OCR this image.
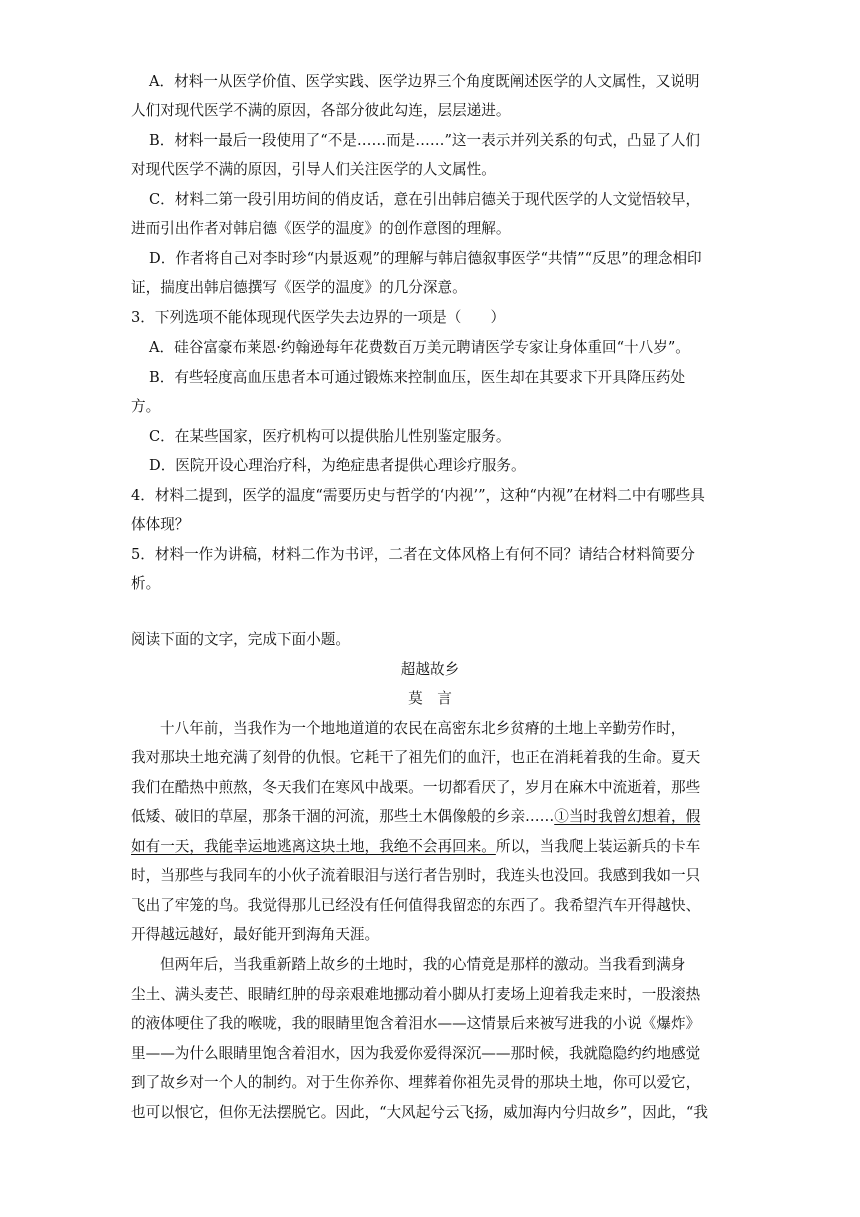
A．材料一从医学价值、医学实践、医学边界三个角度既阐述医学的人文属性，又说明
人们对现代医学不满的原因，各部分彼此勾连，层层递进。
B．材料一最后一段使用了“不是……而是……”这一表示并列关系的句式，凸显了人们
对现代医学不满的原因，引导人们关注医学的人文属性。
C．材料二第一段引用坊间的俏皮话，意在引出韩启德关于现代医学的人文觉悟较早，
进而引出作者对韩启德《医学的温度》的创作意图的理解。
D．作者将自己对李时珍“内景返观”的理解与韩启德叙事医学“共情”“反思”的理念相印
证，揣度出韩启德撰写《医学的温度》的几分深意。
3．下列选项不能体现现代医学失去边界的一项是（　　）
A．硅谷富豪布莱恩·约翰逊每年花费数百万美元聘请医学专家让身体重回“十八岁”。
B．有些轻度高血压患者本可通过锻炼来控制血压，医生却在其要求下开具降压药处
方。
C．在某些国家，医疗机构可以提供胎儿性别鉴定服务。
D．医院开设心理治疗科，为绝症患者提供心理诊疗服务。
4．材料二提到，医学的温度“需要历史与哲学的‘内视’”，这种“内视”在材料二中有哪些具
体体现？
5．材料一作为讲稿，材料二作为书评，二者在文体风格上有何不同？请结合材料简要分
析。
阅读下面的文字，完成下面小题。
超越故乡
莫　言
十八年前，当我作为一个地地道道的农民在高密东北乡贫瘠的土地上辛勤劳作时，
我对那块土地充满了刻骨的仇恨。它耗干了祖先们的血汗，也正在消耗着我的生命。夏天
我们在酷热中煎熬，冬天我们在寒风中战栗。一切都看厌了，岁月在麻木中流逝着，那些
低矮、破旧的草屋，那条干涸的河流，那些土木偶像般的乡亲……①当时我曾幻想着，假
如有一天，我能幸运地逃离这块土地，我绝不会再回来。所以，当我爬上装运新兵的卡车
时，当那些与我同车的小伙子流着眼泪与送行者告别时，我连头也没回。我感到我如一只
飞出了牢笼的鸟。我觉得那儿已经没有任何值得我留恋的东西了。我希望汽车开得越快、
开得越远越好，最好能开到海角天涯。
但两年后，当我重新踏上故乡的土地时，我的心情竟是那样的激动。当我看到满身
尘土、满头麦芒、眼睛红肿的母亲艰难地挪动着小脚从打麦场上迎着我走来时，一股滚热
的液体哽住了我的喉咙，我的眼睛里饱含着泪水——这情景后来被写进我的小说《爆炸》
里——为什么眼睛里饱含着泪水，因为我爱你爱得深沉——那时候，我就隐隐约约地感觉
到了故乡对一个人的制约。对于生你养你、埋葬着你祖先灵骨的那块土地，你可以爱它，
也可以恨它，但你无法摆脱它。因此，“大风起兮云飞扬，威加海内兮归故乡”，因此，“我
